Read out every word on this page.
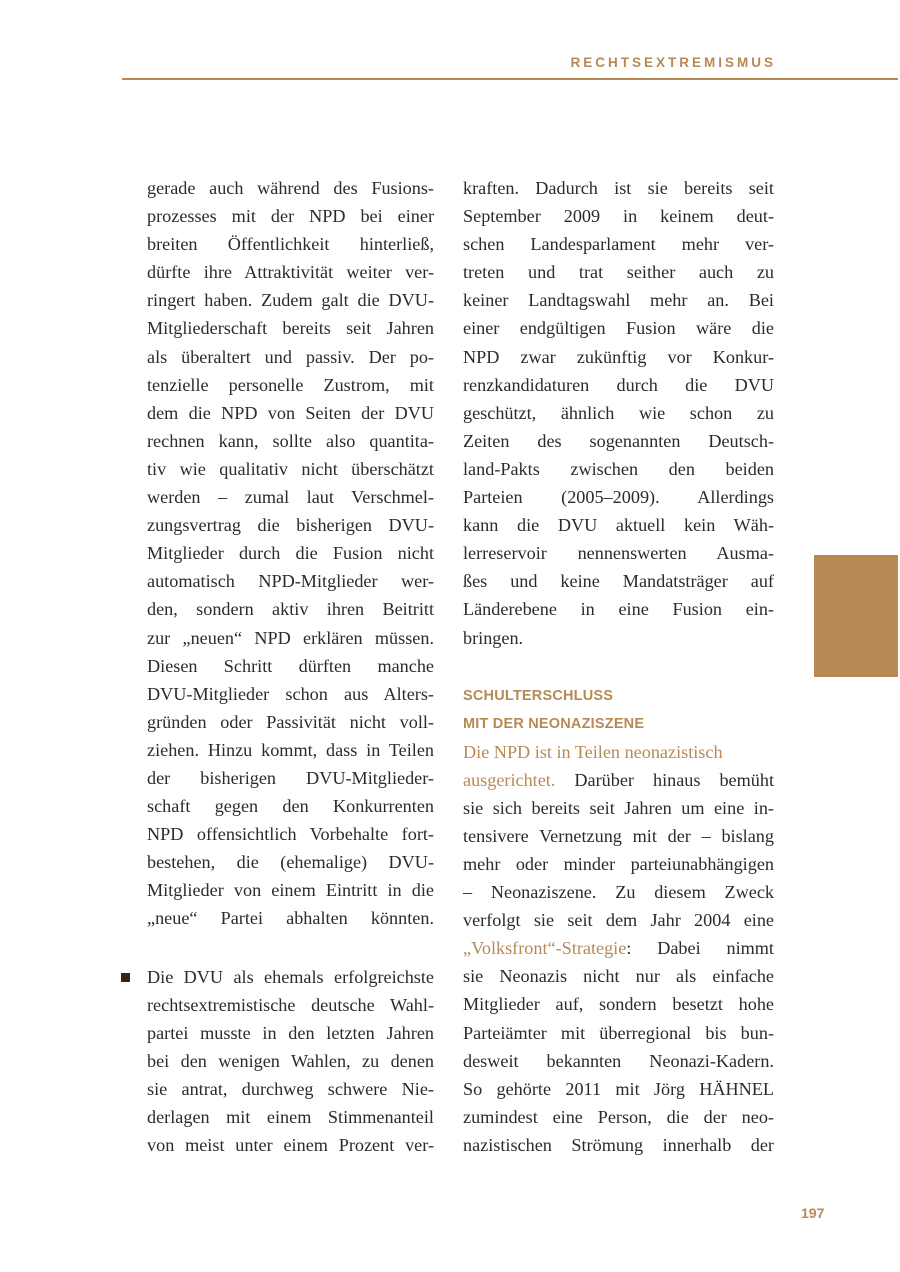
RECHTSEXTREMISMUS
gerade auch während des Fusions-
prozesses mit der NPD bei einer
breiten Öffentlichkeit hinterließ,
dürfte ihre Attraktivität weiter ver-
ringert haben. Zudem galt die DVU-
Mitgliederschaft bereits seit Jahren
als überaltert und passiv. Der po-
tenzielle personelle Zustrom, mit
dem die NPD von Seiten der DVU
rechnen kann, sollte also quantita-
tiv wie qualitativ nicht überschätzt
werden – zumal laut Verschmel-
zungsvertrag die bisherigen DVU-
Mitglieder durch die Fusion nicht
automatisch NPD-Mitglieder wer-
den, sondern aktiv ihren Beitritt
zur „neuen“ NPD erklären müssen.
Diesen Schritt dürften manche
DVU-Mitglieder schon aus Alters-
gründen oder Passivität nicht voll-
ziehen. Hinzu kommt, dass in Teilen
der bisherigen DVU-Mitglieder-
schaft gegen den Konkurrenten
NPD offensichtlich Vorbehalte fort-
bestehen, die (ehemalige) DVU-
Mitglieder von einem Eintritt in die
„neue“ Partei abhalten könnten.
Die DVU als ehemals erfolgreichste
rechtsextremistische deutsche Wahl-
partei musste in den letzten Jahren
bei den wenigen Wahlen, zu denen
sie antrat, durchweg schwere Nie-
derlagen mit einem Stimmenanteil
von meist unter einem Prozent ver-
kraften. Dadurch ist sie bereits seit
September 2009 in keinem deut-
schen Landesparlament mehr ver-
treten und trat seither auch zu
keiner Landtagswahl mehr an. Bei
einer endgültigen Fusion wäre die
NPD zwar zukünftig vor Konkur-
renzkandidaturen durch die DVU
geschützt, ähnlich wie schon zu
Zeiten des sogenannten Deutsch-
land-Pakts zwischen den beiden
Parteien (2005–2009). Allerdings
kann die DVU aktuell kein Wäh-
lerreservoir nennenswerten Ausma-
ßes und keine Mandatsträger auf
Länderebene in eine Fusion ein-
bringen.
SCHULTERSCHLUSS
MIT DER NEONAZISZENE
Die NPD ist in Teilen neonazistisch
ausgerichtet. Darüber hinaus bemüht
sie sich bereits seit Jahren um eine in-
tensivere Vernetzung mit der – bislang
mehr oder minder parteiunabhängigen
– Neonaziszene. Zu diesem Zweck
verfolgt sie seit dem Jahr 2004 eine
„Volksfront“-Strategie: Dabei nimmt
sie Neonazis nicht nur als einfache
Mitglieder auf, sondern besetzt hohe
Parteiämter mit überregional bis bun-
desweit bekannten Neonazi-Kadern.
So gehörte 2011 mit Jörg HÄHNEL
zumindest eine Person, die der neo-
nazistischen Strömung innerhalb der
197
